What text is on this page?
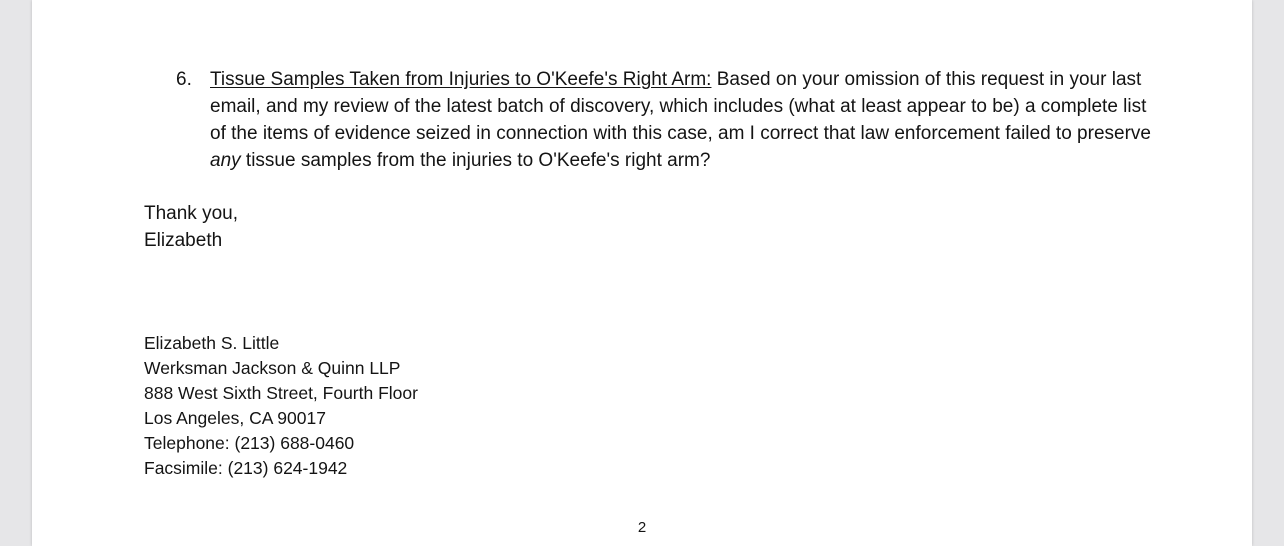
6. Tissue Samples Taken from Injuries to O'Keefe's Right Arm: Based on your omission of this request in your last email, and my review of the latest batch of discovery, which includes (what at least appear to be) a complete list of the items of evidence seized in connection with this case, am I correct that law enforcement failed to preserve any tissue samples from the injuries to O'Keefe's right arm?
Thank you,
Elizabeth
Elizabeth S. Little
Werksman Jackson & Quinn LLP
888 West Sixth Street, Fourth Floor
Los Angeles, CA 90017
Telephone: (213) 688-0460
Facsimile: (213) 624-1942
2
